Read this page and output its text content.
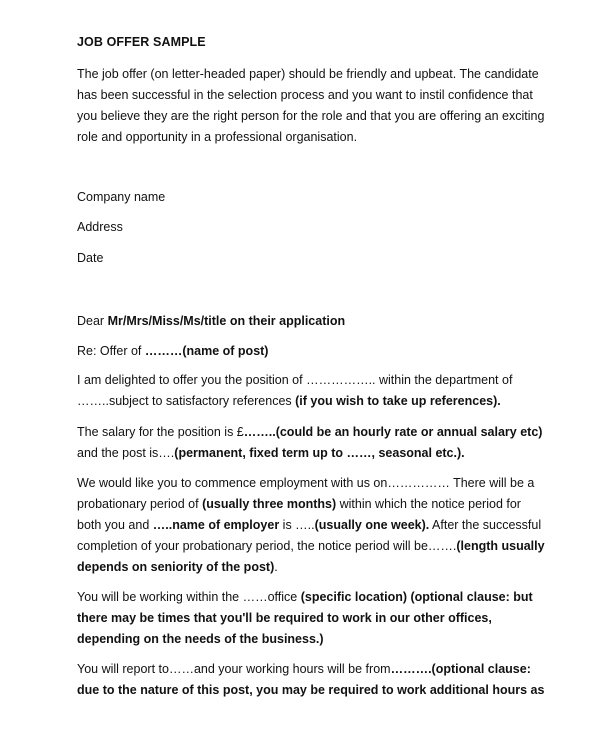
JOB OFFER SAMPLE

The job offer (on letter-headed paper) should be friendly and upbeat. The candidate
has been successful in the selection process and you want to instil confidence that
you believe they are the right person for the role and that you are offering an exciting
role and opportunity in a professional organisation.

Company name
Address
Date
Dear Mr/Mrs/Miss/Ms/title on their application
Re: Offer of ………(name of post)

I am delighted to offer you the position of …………….. within the department of
……..subject to satisfactory references (if you wish to take up references).

The salary for the position is £……..(could be an hourly rate or annual salary etc)
and the post is….(permanent, fixed term up to ……, seasonal etc.).

We would like you to commence employment with us on…………… There will be a
probationary period of (usually three months) within which the notice period for
both you and …..name of employer is …..(usually one week). After the successful
completion of your probationary period, the notice period will be…….(length usually
depends on seniority of the post).

You will be working within the ……office (specific location) (optional clause: but
there may be times that you'll be required to work in our other offices,
depending on the needs of the business.)

You will report to……and your working hours will be from……….(optional clause:
due to the nature of this post, you may be required to work additional hours as
